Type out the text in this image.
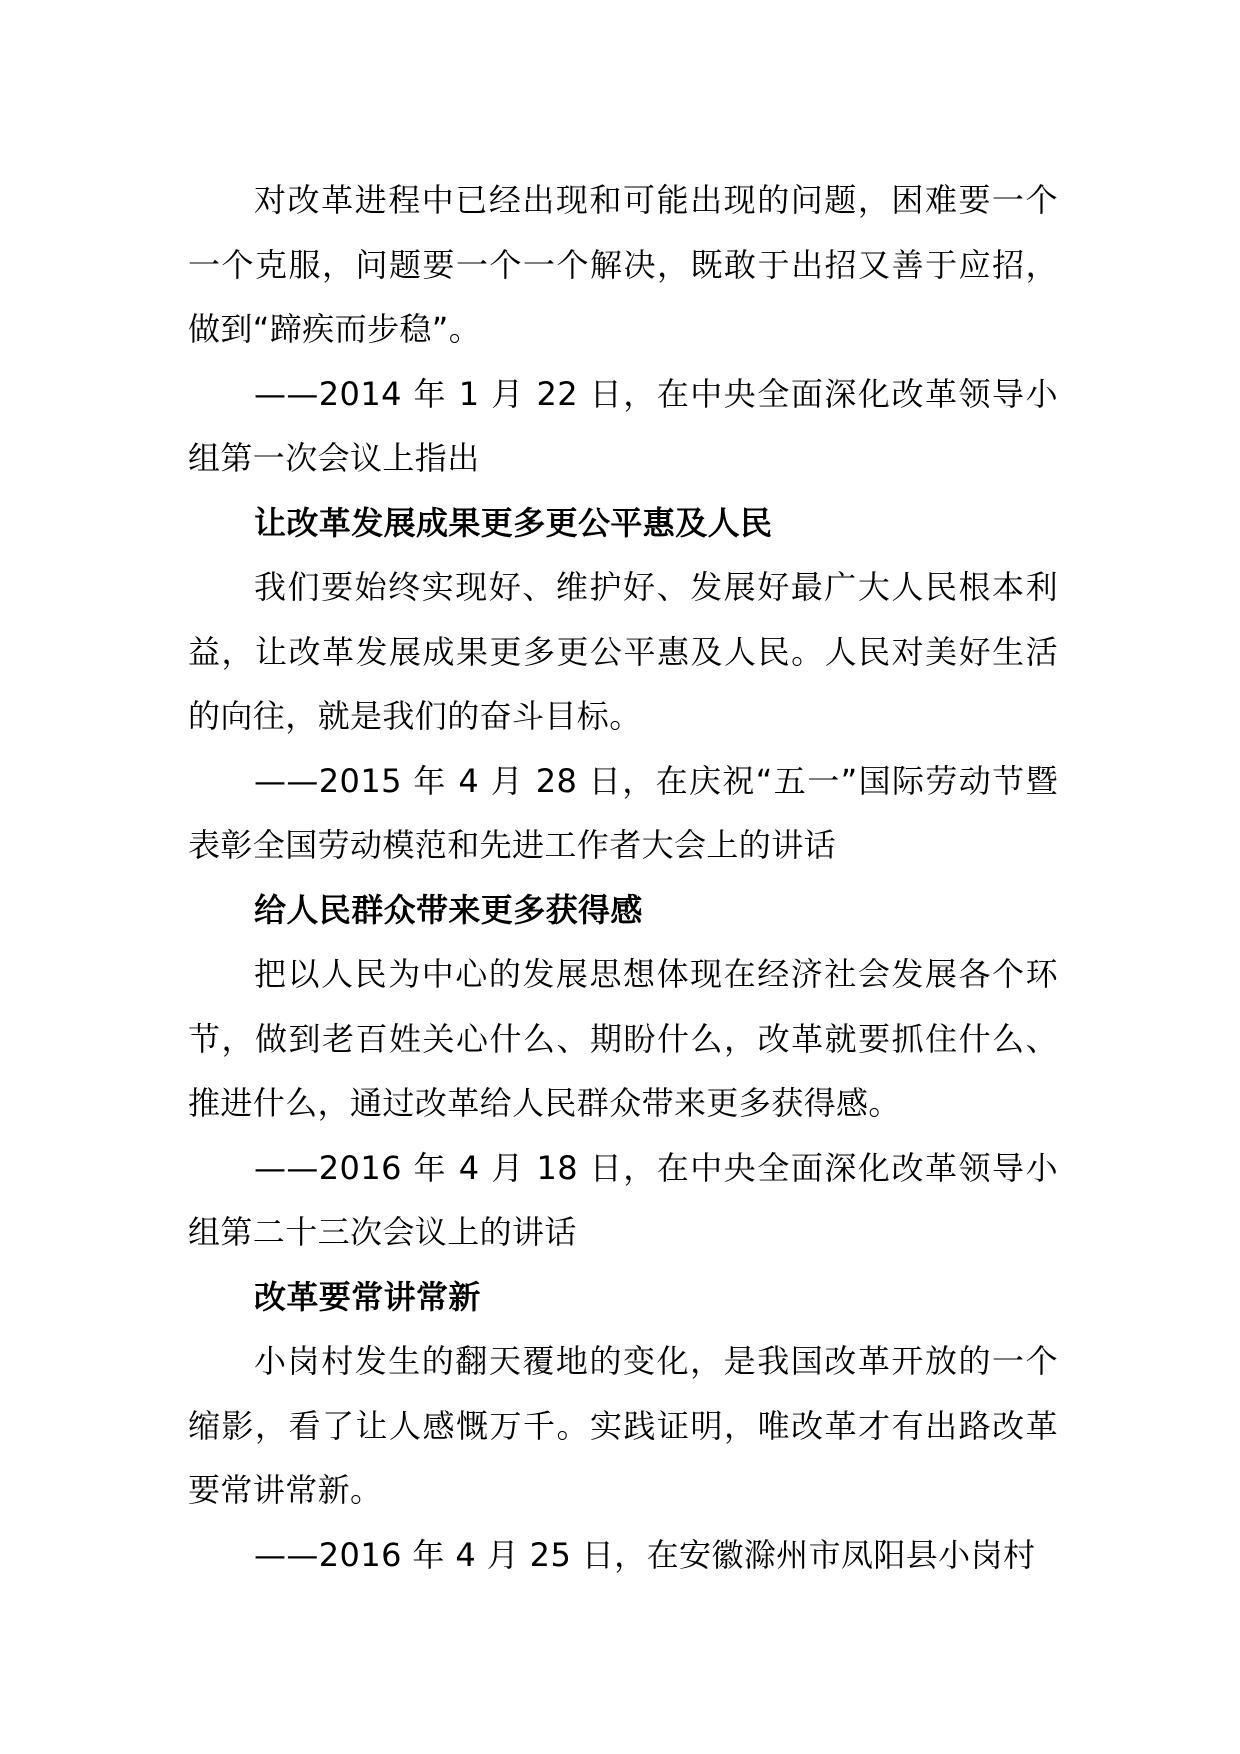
对改革进程中已经出现和可能出现的问题，困难要一个一个克服，问题要一个一个解决，既敢于出招又善于应招，做到“蹄疾而步稳”。

——2014 年 1 月 22 日，在中央全面深化改革领导小组第一次会议上指出

让改革发展成果更多更公平惠及人民

我们要始终实现好、维护好、发展好最广大人民根本利益，让改革发展成果更多更公平惠及人民。人民对美好生活的向往，就是我们的奋斗目标。

——2015 年 4 月 28 日，在庆祝“五一”国际劳动节暨表彰全国劳动模范和先进工作者大会上的讲话

给人民群众带来更多获得感

把以人民为中心的发展思想体现在经济社会发展各个环节，做到老百姓关心什么、期盼什么，改革就要抓住什么、推进什么，通过改革给人民群众带来更多获得感。

——2016 年 4 月 18 日，在中央全面深化改革领导小组第二十三次会议上的讲话

改革要常讲常新

小岗村发生的翻天覆地的变化，是我国改革开放的一个缩影，看了让人感慨万千。实践证明，唯改革才有出路改革要常讲常新。

——2016 年 4 月 25 日，在安徽滁州市凤阳县小岗村
